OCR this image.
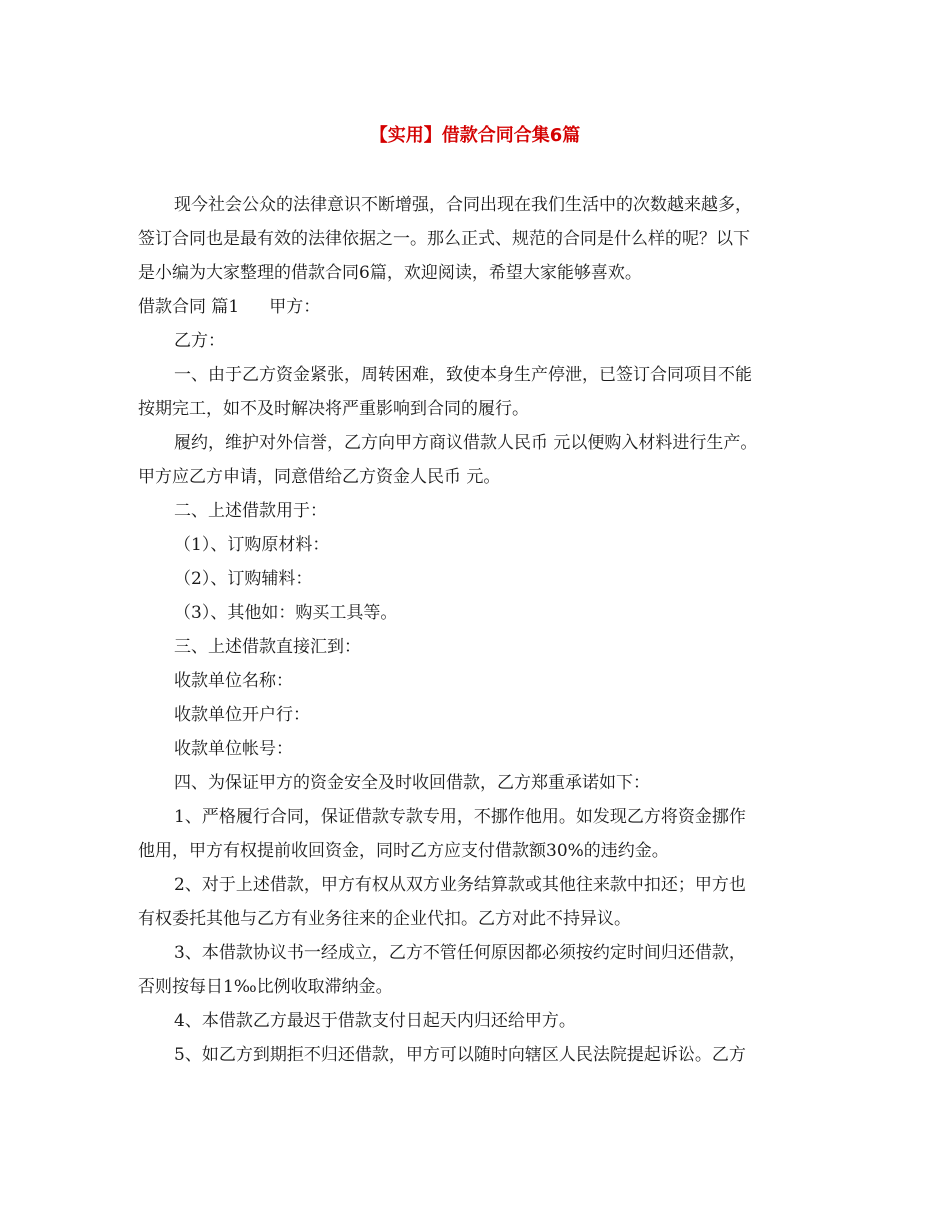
【实用】借款合同合集6篇
现今社会公众的法律意识不断增强，合同出现在我们生活中的次数越来越多，
签订合同也是最有效的法律依据之一。那么正式、规范的合同是什么样的呢？以下
是小编为大家整理的借款合同6篇，欢迎阅读，希望大家能够喜欢。
借款合同 篇1 甲方：
乙方：
一、由于乙方资金紧张，周转困难，致使本身生产停泄，已签订合同项目不能
按期完工，如不及时解决将严重影响到合同的履行。
履约，维护对外信誉，乙方向甲方商议借款人民币 元以便购入材料进行生产。
甲方应乙方申请，同意借给乙方资金人民币 元。
二、上述借款用于：
（1）、订购原材料：
（2）、订购辅料：
（3）、其他如：购买工具等。
三、上述借款直接汇到：
收款单位名称：
收款单位开户行：
收款单位帐号：
四、为保证甲方的资金安全及时收回借款，乙方郑重承诺如下：
1、严格履行合同，保证借款专款专用，不挪作他用。如发现乙方将资金挪作
他用，甲方有权提前收回资金，同时乙方应支付借款额30%的违约金。
2、对于上述借款，甲方有权从双方业务结算款或其他往来款中扣还；甲方也
有权委托其他与乙方有业务往来的企业代扣。乙方对此不持异议。
3、本借款协议书一经成立，乙方不管任何原因都必须按约定时间归还借款，
否则按每日1‰比例收取滞纳金。
4、本借款乙方最迟于借款支付日起天内归还给甲方。
5、如乙方到期拒不归还借款，甲方可以随时向辖区人民法院提起诉讼。乙方
